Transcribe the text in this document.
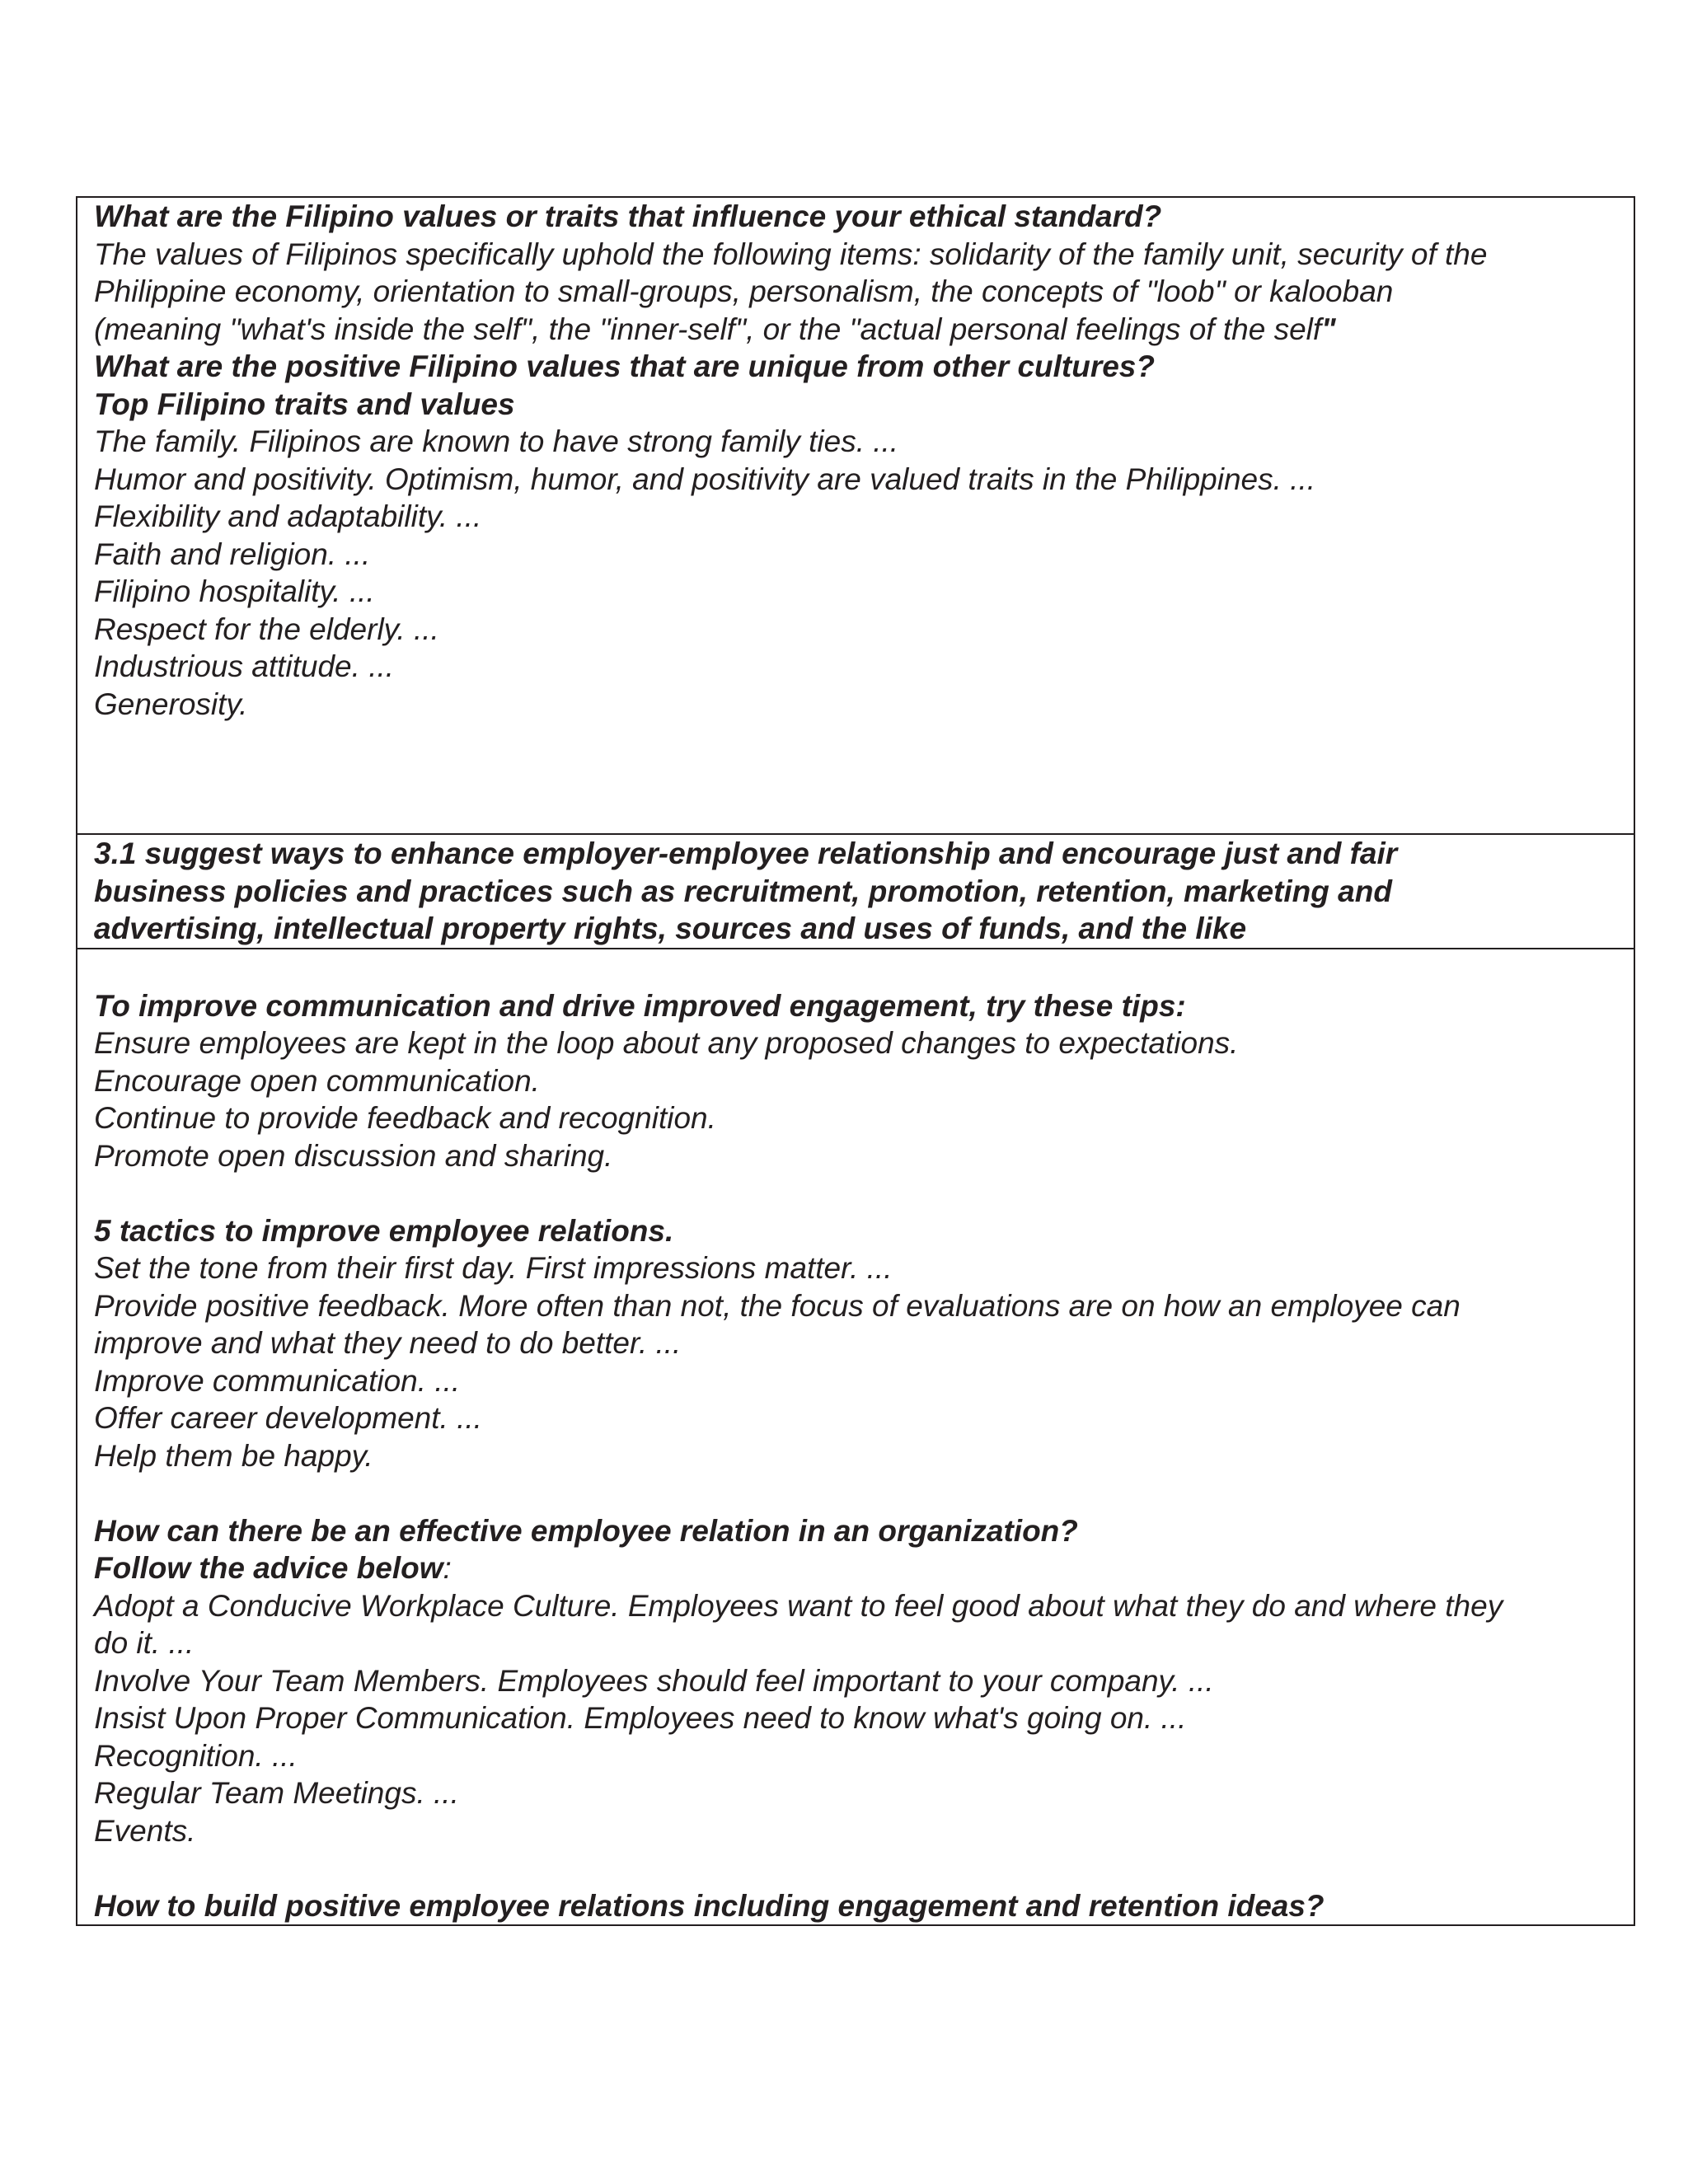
What are the Filipino values or traits that influence your ethical standard?
The values of Filipinos specifically uphold the following items: solidarity of the family unit, security of the
Philippine economy, orientation to small-groups, personalism, the concepts of "loob" or kalooban
(meaning "what's inside the self", the "inner-self", or the "actual personal feelings of the self"
What are the positive Filipino values that are unique from other cultures?
Top Filipino traits and values
The family. Filipinos are known to have strong family ties. ...
Humor and positivity. Optimism, humor, and positivity are valued traits in the Philippines. ...
Flexibility and adaptability. ...
Faith and religion. ...
Filipino hospitality. ...
Respect for the elderly. ...
Industrious attitude. ...
Generosity.

3.1 suggest ways to enhance employer-employee relationship and encourage just and fair
business policies and practices such as recruitment, promotion, retention, marketing and
advertising, intellectual property rights, sources and uses of funds, and the like

To improve communication and drive improved engagement, try these tips:
Ensure employees are kept in the loop about any proposed changes to expectations.
Encourage open communication.
Continue to provide feedback and recognition.
Promote open discussion and sharing.
5 tactics to improve employee relations.
Set the tone from their first day. First impressions matter. ...
Provide positive feedback. More often than not, the focus of evaluations are on how an employee can
improve and what they need to do better. ...
Improve communication. ...
Offer career development. ...
Help them be happy.
How can there be an effective employee relation in an organization?
Follow the advice below:
Adopt a Conducive Workplace Culture. Employees want to feel good about what they do and where they
do it. ...
Involve Your Team Members. Employees should feel important to your company. ...
Insist Upon Proper Communication. Employees need to know what's going on. ...
Recognition. ...
Regular Team Meetings. ...
Events.
How to build positive employee relations including engagement and retention ideas?
